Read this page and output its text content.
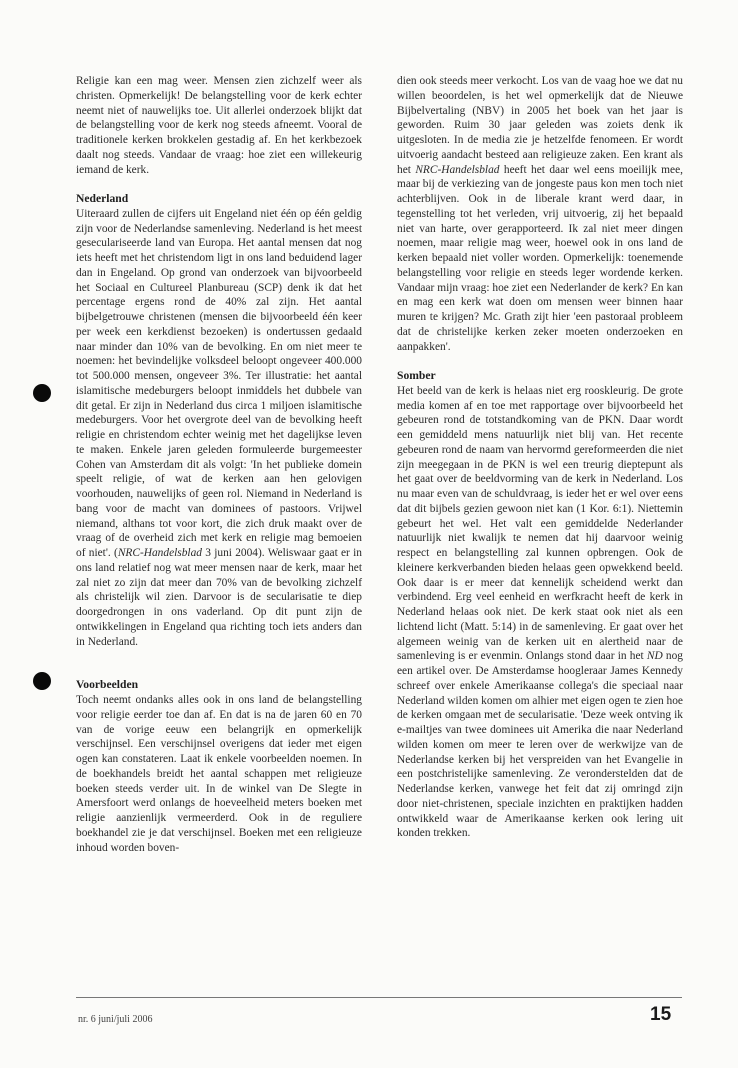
Religie kan een mag weer. Mensen zien zichzelf weer als christen. Opmerkelijk! De belangstelling voor de kerk echter neemt niet of nauwelijks toe. Uit allerlei onderzoek blijkt dat de belangstelling voor de kerk nog steeds afneemt. Vooral de traditionele kerken brokkelen gestadig af. En het kerkbezoek daalt nog steeds. Vandaar de vraag: hoe ziet een willekeurig iemand de kerk.

Nederland

Uiteraard zullen de cijfers uit Engeland niet één op één geldig zijn voor de Nederlandse samenleving. Nederland is het meest geseculariseerde land van Europa. Het aantal mensen dat nog iets heeft met het christendom ligt in ons land beduidend lager dan in Engeland. Op grond van onderzoek van bijvoorbeeld het Sociaal en Cultureel Planbureau (SCP) denk ik dat het percentage ergens rond de 40% zal zijn. Het aantal bijbelgetrouwe christenen (mensen die bijvoorbeeld één keer per week een kerkdienst bezoeken) is ondertussen gedaald naar minder dan 10% van de bevolking. En om niet meer te noemen: het bevindelijke volksdeel beloopt ongeveer 400.000 tot 500.000 mensen, ongeveer 3%. Ter illustratie: het aantal islamitische medeburgers beloopt inmiddels het dubbele van dit getal. Er zijn in Nederland dus circa 1 miljoen islamitische medeburgers. Voor het overgrote deel van de bevolking heeft religie en christendom echter weinig met het dagelijkse leven te maken. Enkele jaren geleden formuleerde burgemeester Cohen van Amsterdam dit als volgt: 'In het publieke domein speelt religie, of wat de kerken aan hen gelovigen voorhouden, nauwelijks of geen rol. Niemand in Nederland is bang voor de macht van dominees of pastoors. Vrijwel niemand, althans tot voor kort, die zich druk maakt over de vraag of de overheid zich met kerk en religie mag bemoeien of niet'. (NRC-Handelsblad 3 juni 2004). Weliswaar gaat er in ons land relatief nog wat meer mensen naar de kerk, maar het zal niet zo zijn dat meer dan 70% van de bevolking zichzelf als christelijk wil zien. Darvoor is de secularisatie te diep doorgedrongen in ons vaderland. Op dit punt zijn de ontwikkelingen in Engeland qua richting toch iets anders dan in Nederland.

Voorbeelden

Toch neemt ondanks alles ook in ons land de belangstelling voor religie eerder toe dan af. En dat is na de jaren 60 en 70 van de vorige eeuw een belangrijk en opmerkelijk verschijnsel. Een verschijnsel overigens dat ieder met eigen ogen kan constateren. Laat ik enkele voorbeelden noemen. In de boekhandels breidt het aantal schappen met religieuze boeken steeds verder uit. In de winkel van De Slegte in Amersfoort werd onlangs de hoeveelheid meters boeken met religie aanzienlijk vermeerderd. Ook in de reguliere boekhandel zie je dat verschijnsel. Boeken met een religieuze inhoud worden boven-

dien ook steeds meer verkocht. Los van de vaag hoe we dat nu willen beoordelen, is het wel opmerkelijk dat de Nieuwe Bijbelvertaling (NBV) in 2005 het boek van het jaar is geworden. Ruim 30 jaar geleden was zoiets denk ik uitgesloten. In de media zie je hetzelfde fenomeen. Er wordt uitvoerig aandacht besteed aan religieuze zaken. Een krant als het NRC-Handelsblad heeft het daar wel eens moeilijk mee, maar bij de verkiezing van de jongeste paus kon men toch niet achterblijven. Ook in de liberale krant werd daar, in tegenstelling tot het verleden, vrij uitvoerig, zij het bepaald niet van harte, over gerapporteerd. Ik zal niet meer dingen noemen, maar religie mag weer, hoewel ook in ons land de kerken bepaald niet voller worden. Opmerkelijk: toenemende belangstelling voor religie en steeds leger wordende kerken. Vandaar mijn vraag: hoe ziet een Nederlander de kerk? En kan en mag een kerk wat doen om mensen weer binnen haar muren te krijgen? Mc. Grath zijt hier 'een pastoraal probleem dat de christelijke kerken zeker moeten onderzoeken en aanpakken'.

Somber

Het beeld van de kerk is helaas niet erg rooskleurig. De grote media komen af en toe met rapportage over bijvoorbeeld het gebeuren rond de totstandkoming van de PKN. Daar wordt een gemiddeld mens natuurlijk niet blij van. Het recente gebeuren rond de naam van hervormd gereformeerden die niet zijn meegegaan in de PKN is wel een treurig dieptepunt als het gaat over de beeldvorming van de kerk in Nederland. Los nu maar even van de schuldvraag, is ieder het er wel over eens dat dit bijbels gezien gewoon niet kan (1 Kor. 6:1). Niettemin gebeurt het wel. Het valt een gemiddelde Nederlander natuurlijk niet kwalijk te nemen dat hij daarvoor weinig respect en belangstelling zal kunnen opbrengen. Ook de kleinere kerkverbanden bieden helaas geen opwekkend beeld. Ook daar is er meer dat kennelijk scheidend werkt dan verbindend. Erg veel eenheid en werfkracht heeft de kerk in Nederland helaas ook niet. De kerk staat ook niet als een lichtend licht (Matt. 5:14) in de samenleving. Er gaat over het algemeen weinig van de kerken uit en alertheid naar de samenleving is er evenmin. Onlangs stond daar in het ND nog een artikel over. De Amsterdamse hoogleraar James Kennedy schreef over enkele Amerikaanse collega's die speciaal naar Nederland wilden komen om alhier met eigen ogen te zien hoe de kerken omgaan met de secularisatie. 'Deze week ontving ik e-mailtjes van twee dominees uit Amerika die naar Nederland wilden komen om meer te leren over de werkwijze van de Nederlandse kerken bij het verspreiden van het Evangelie in een postchristelijke samenleving. Ze veronderstelden dat de Nederlandse kerken, vanwege het feit dat zij omringd zijn door niet-christenen, speciale inzichten en praktijken hadden ontwikkeld waar de Amerikaanse kerken ook lering uit konden trekken.

nr. 6 juni/juli 2006	15
